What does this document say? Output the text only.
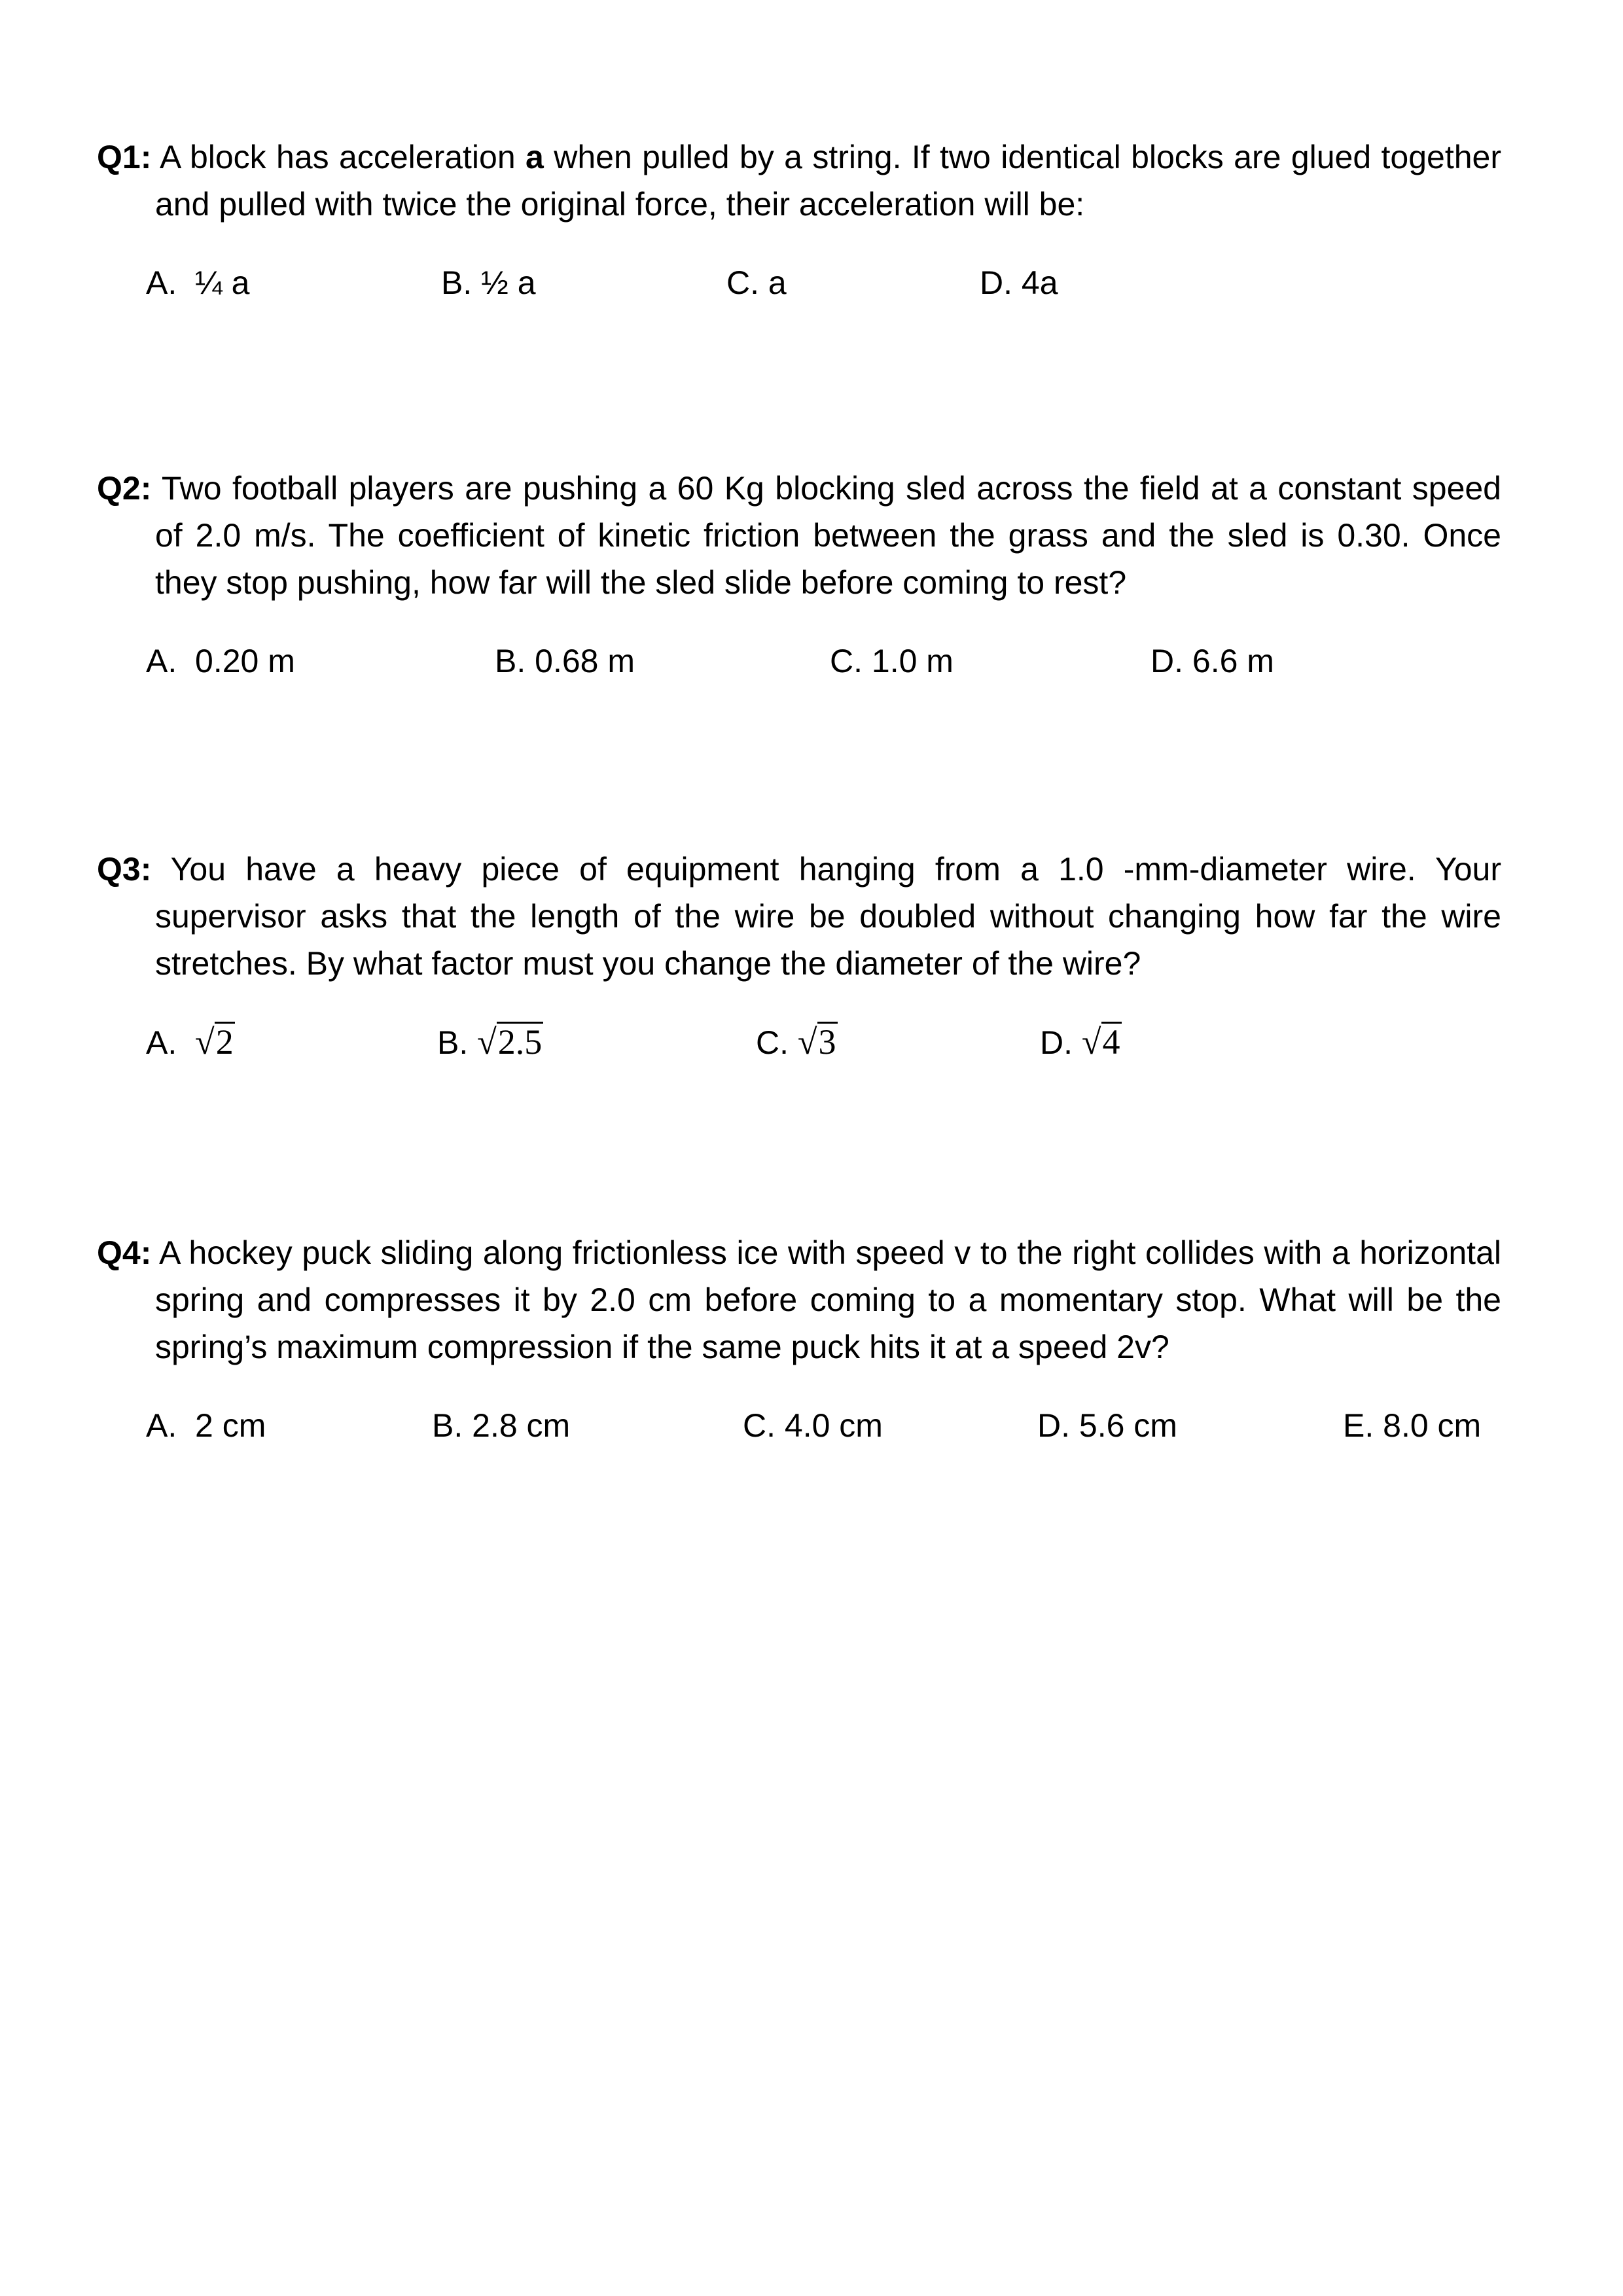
Q1: A block has acceleration a when pulled by a string. If two identical blocks are glued together and pulled with twice the original force, their acceleration will be:

A. ¼ a	B. ½ a	C. a	D. 4a

Q2: Two football players are pushing a 60 Kg blocking sled across the field at a constant speed of 2.0 m/s. The coefficient of kinetic friction between the grass and the sled is 0.30. Once they stop pushing, how far will the sled slide before coming to rest?

A. 0.20 m	B. 0.68 m	C. 1.0 m	D. 6.6 m

Q3: You have a heavy piece of equipment hanging from a 1.0 -mm-diameter wire. Your supervisor asks that the length of the wire be doubled without changing how far the wire stretches. By what factor must you change the diameter of the wire?

A. √2	B. √2.5	C. √3	D. √4

Q4: A hockey puck sliding along frictionless ice with speed v to the right collides with a horizontal spring and compresses it by 2.0 cm before coming to a momentary stop. What will be the spring’s maximum compression if the same puck hits it at a speed 2v?

A. 2 cm	B. 2.8 cm	C. 4.0 cm	D. 5.6 cm	E. 8.0 cm
